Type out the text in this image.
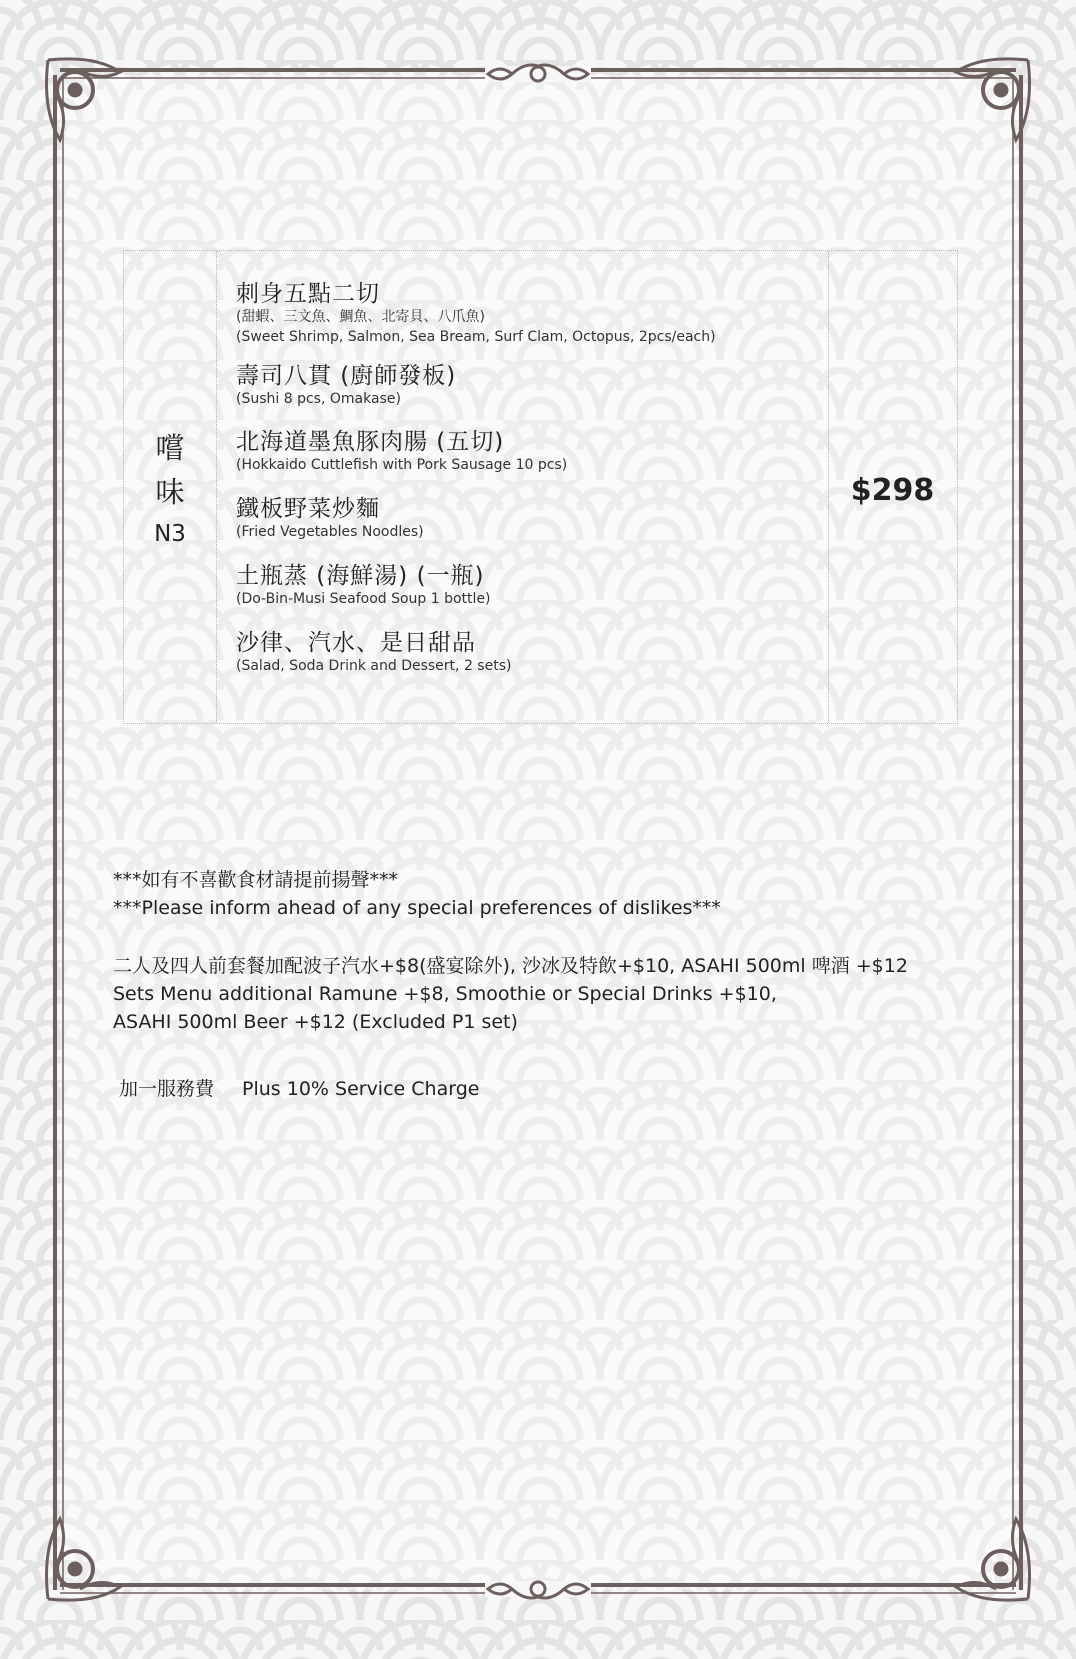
嚐
味
N3
刺身五點二切
(甜蝦、三文魚、鯛魚、北寄貝、八爪魚)
(Sweet Shrimp, Salmon, Sea Bream, Surf Clam, Octopus, 2pcs/each)
壽司八貫 (廚師發板)
(Sushi 8 pcs, Omakase)
北海道墨魚豚肉腸 (五切)
(Hokkaido Cuttlefish with Pork Sausage 10 pcs)
鐵板野菜炒麵
(Fried Vegetables Noodles)
土瓶蒸 (海鮮湯) (一瓶)
(Do-Bin-Musi Seafood Soup 1 bottle)
沙律、汽水、是日甜品
(Salad, Soda Drink and Dessert, 2 sets)
$298
***如有不喜歡食材請提前揚聲***
***Please inform ahead of any special preferences of dislikes***
二人及四人前套餐加配波子汽水+$8(盛宴除外), 沙冰及特飲+$10, ASAHI 500ml 啤酒 +$12
Sets Menu additional Ramune +$8, Smoothie or Special Drinks +$10,
ASAHI 500ml Beer +$12 (Excluded P1 set)
加一服務費 Plus 10% Service Charge
